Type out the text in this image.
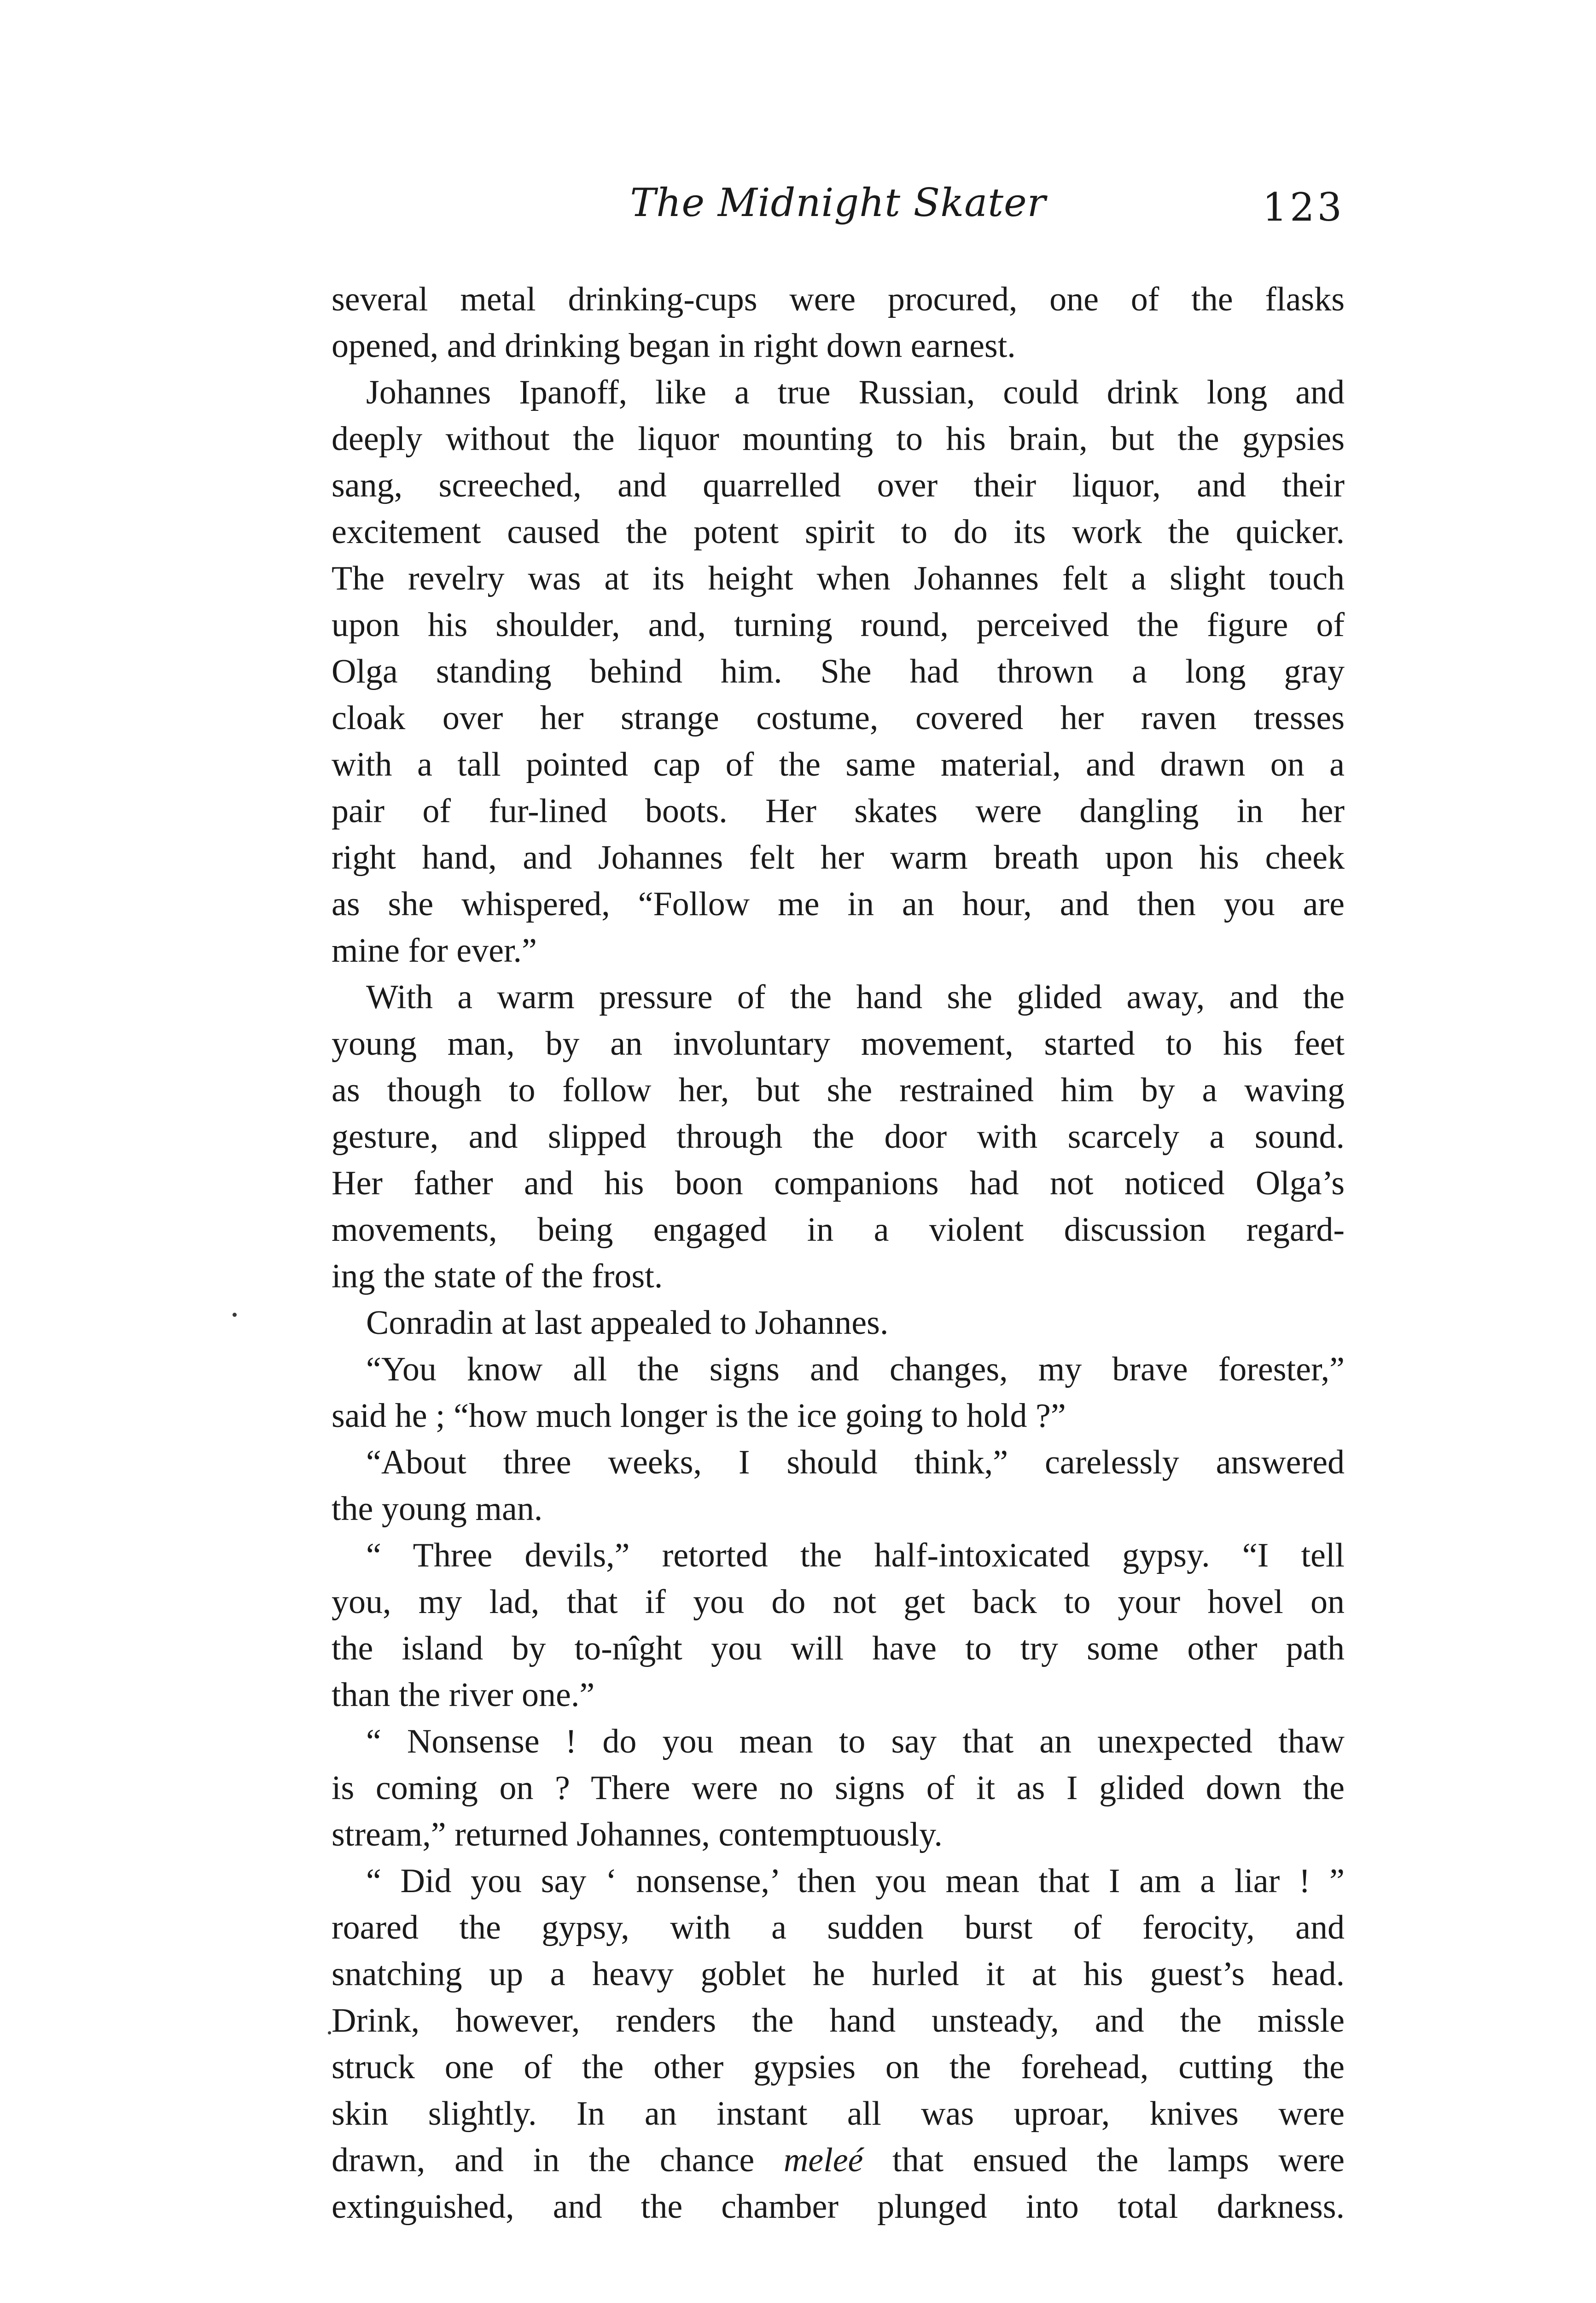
The Midnight Skater	123
several metal drinking-cups were procured, one of the flasks
opened, and drinking began in right down earnest.
Johannes Ipanoff, like a true Russian, could drink long and
deeply without the liquor mounting to his brain, but the gypsies
sang, screeched, and quarrelled over their liquor, and their
excitement caused the potent spirit to do its work the quicker.
The revelry was at its height when Johannes felt a slight touch
upon his shoulder, and, turning round, perceived the figure of
Olga standing behind him. She had thrown a long gray
cloak over her strange costume, covered her raven tresses
with a tall pointed cap of the same material, and drawn on a
pair of fur-lined boots. Her skates were dangling in her
right hand, and Johannes felt her warm breath upon his cheek
as she whispered, “Follow me in an hour, and then you are
mine for ever.”
With a warm pressure of the hand she glided away, and the
young man, by an involuntary movement, started to his feet
as though to follow her, but she restrained him by a waving
gesture, and slipped through the door with scarcely a sound.
Her father and his boon companions had not noticed Olga’s
movements, being engaged in a violent discussion regard-
ing the state of the frost.
Conradin at last appealed to Johannes.
“You know all the signs and changes, my brave forester,”
said he ; “how much longer is the ice going to hold ?”
“About three weeks, I should think,” carelessly answered
the young man.
“ Three devils,” retorted the half-intoxicated gypsy. “I tell
you, my lad, that if you do not get back to your hovel on
the island by to-nîght you will have to try some other path
than the river one.”
“ Nonsense ! do you mean to say that an unexpected thaw
is coming on ? There were no signs of it as I glided down the
stream,” returned Johannes, contemptuously.
“ Did you say ‘ nonsense,’ then you mean that I am a liar ! ”
roared the gypsy, with a sudden burst of ferocity, and
snatching up a heavy goblet he hurled it at his guest’s head.
Drink, however, renders the hand unsteady, and the missle
struck one of the other gypsies on the forehead, cutting the
skin slightly. In an instant all was uproar, knives were
drawn, and in the chance meleé that ensued the lamps were
extinguished, and the chamber plunged into total darkness.
